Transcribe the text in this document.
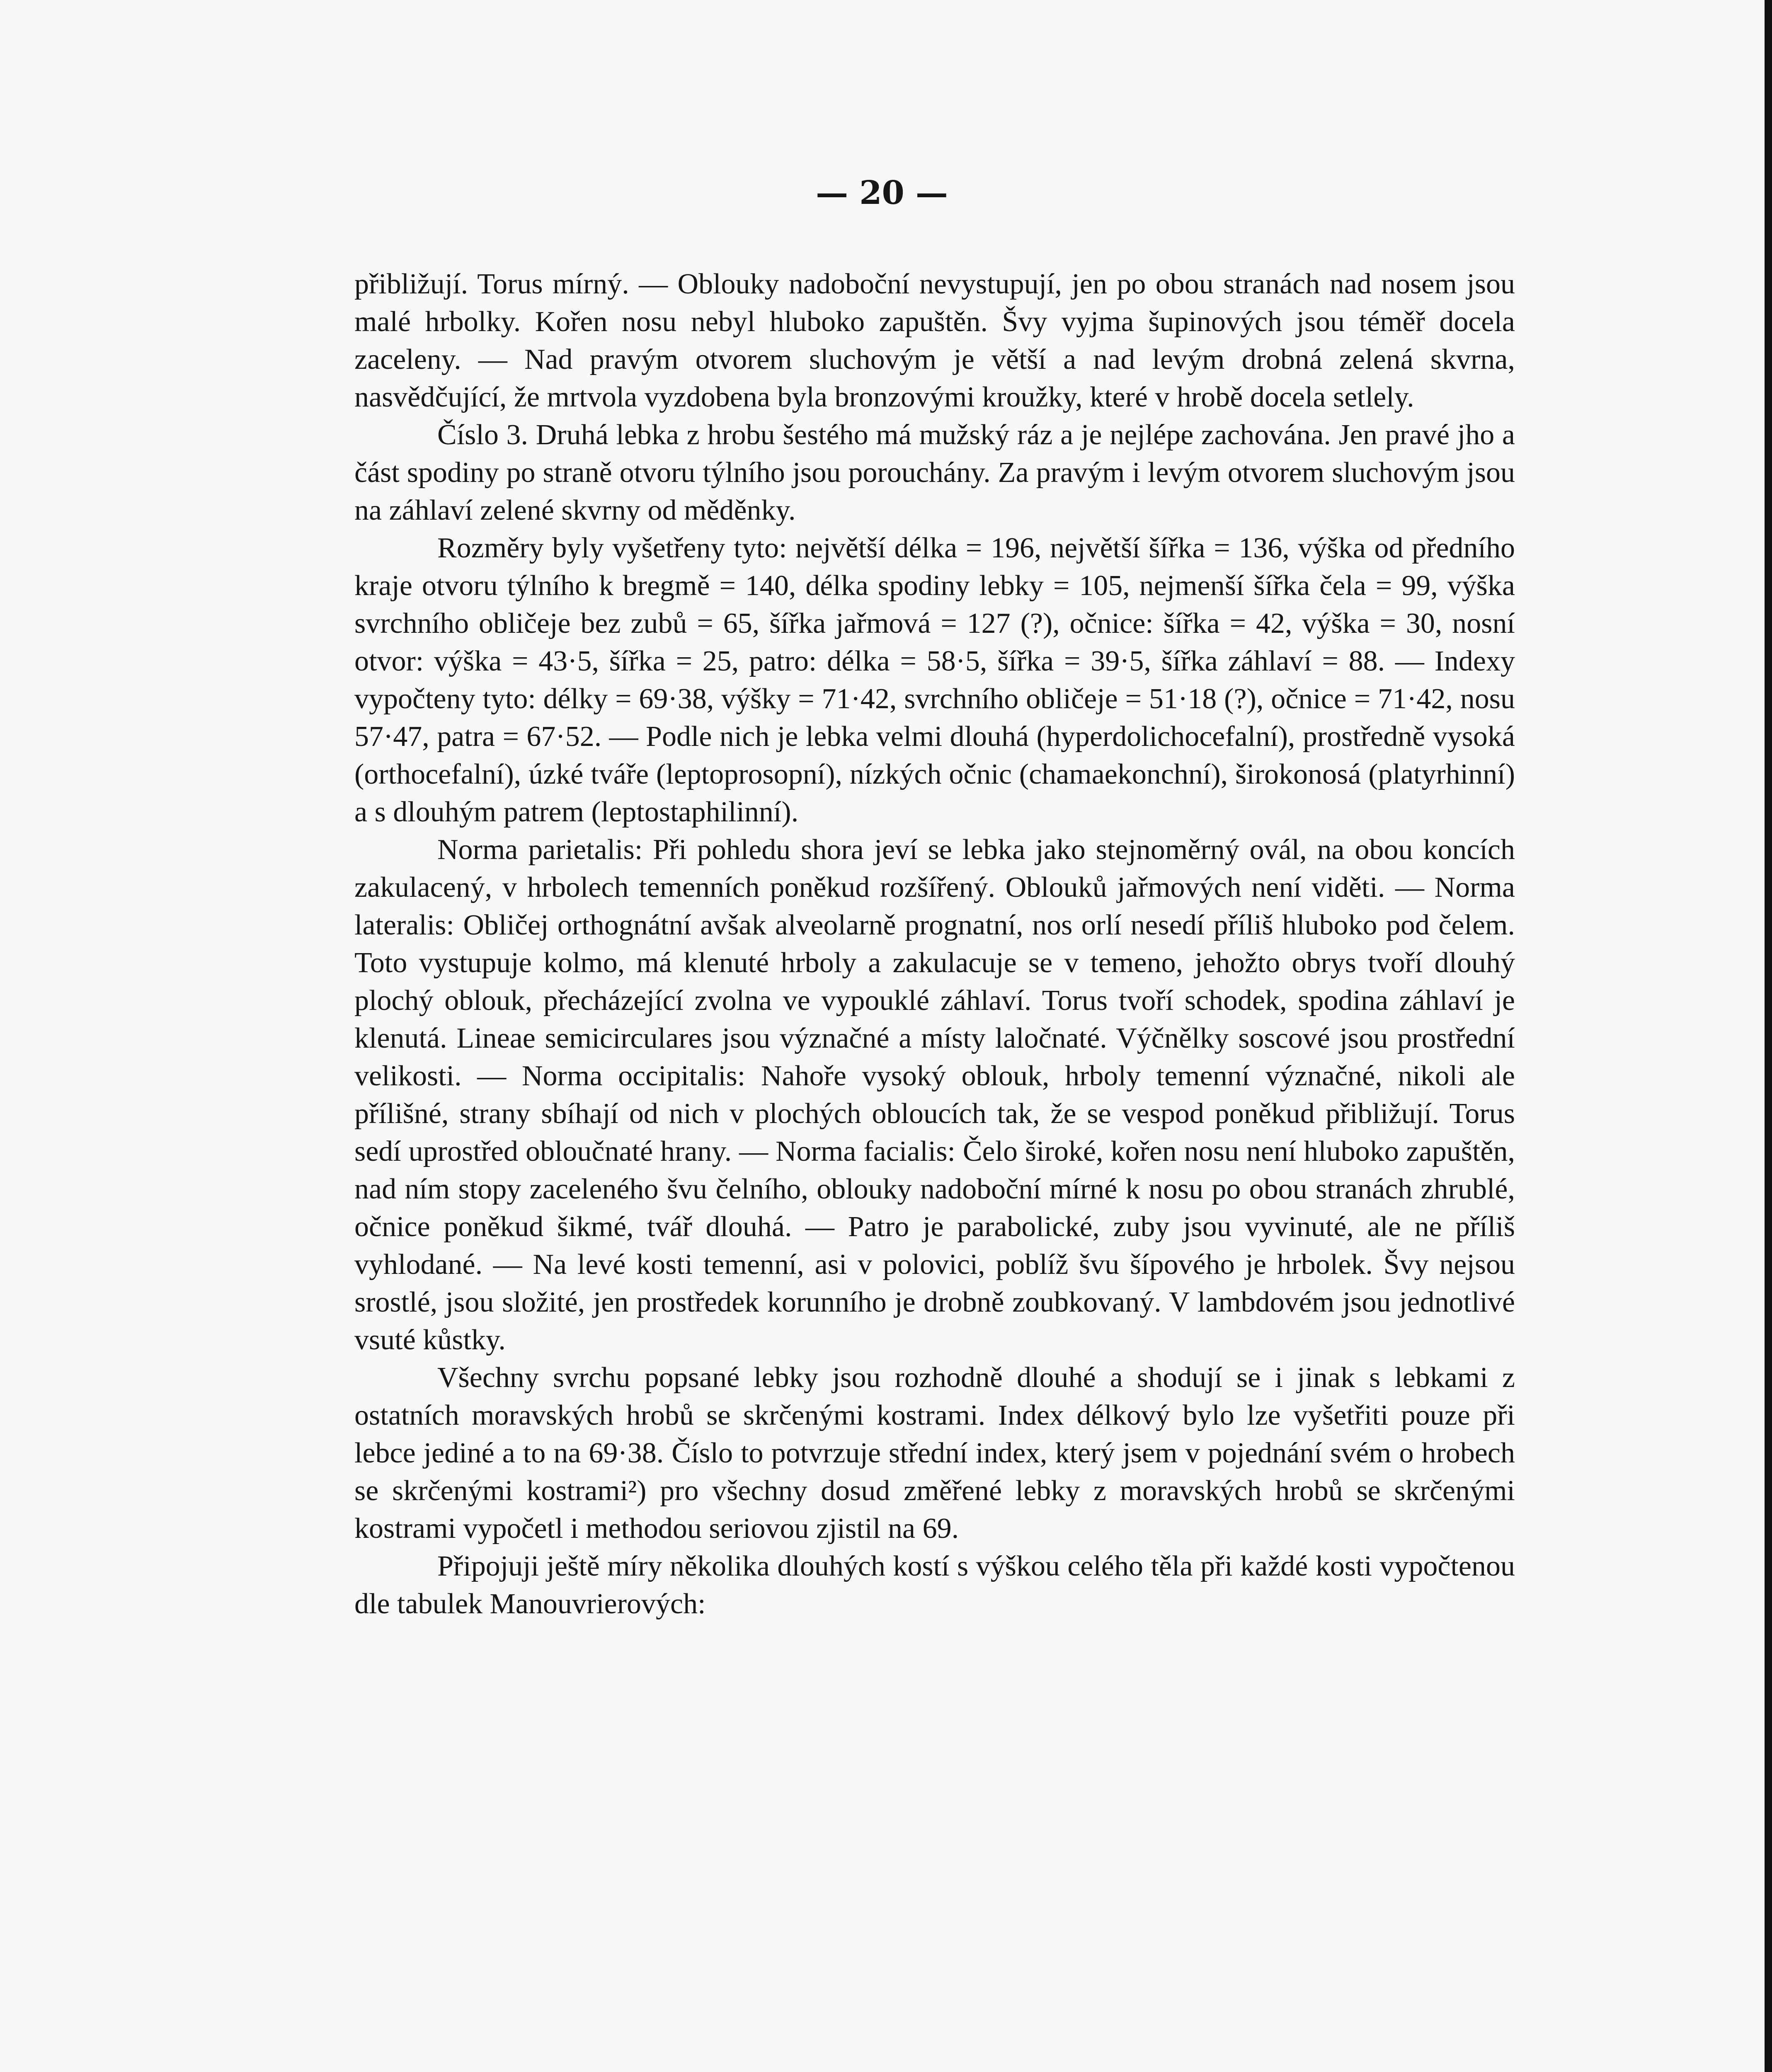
— 20 —

přibližují. Torus mírný. — Oblouky nadoboční nevystupují, jen po obou stranách nad nosem jsou malé hrbolky. Kořen nosu nebyl hluboko zapuštěn. Švy vyjma šupinových jsou téměř docela zaceleny. — Nad pravým otvorem sluchovým je větší a nad levým drobná zelená skvrna, nasvědčující, že mrtvola vyzdobena byla bronzovými kroužky, které v hrobě docela setlely.

Číslo 3. Druhá lebka z hrobu šestého má mužský ráz a je nejlépe zachována. Jen pravé jho a část spodiny po straně otvoru týlního jsou porouchány. Za pravým i levým otvorem sluchovým jsou na záhlaví zelené skvrny od měděnky.

Rozměry byly vyšetřeny tyto: největší délka = 196, největší šířka = 136, výška od předního kraje otvoru týlního k bregmě = 140, délka spodiny lebky = 105, nejmenší šířka čela = 99, výška svrchního obličeje bez zubů = 65, šířka jařmová = 127 (?), očnice: šířka = 42, výška = 30, nosní otvor: výška = 43·5, šířka = 25, patro: délka = 58·5, šířka = 39·5, šířka záhlaví = 88. — Indexy vypočteny tyto: délky = 69·38, výšky = 71·42, svrchního obličeje = 51·18 (?), očnice = 71·42, nosu 57·47, patra = 67·52. — Podle nich je lebka velmi dlouhá (hyperdolichocefalní), prostředně vysoká (orthocefalní), úzké tváře (leptoprosopní), nízkých očnic (chamaekonchní), širokonosá (platyrhinní) a s dlouhým patrem (leptostaphilinní).

Norma parietalis: Při pohledu shora jeví se lebka jako stejnoměrný ovál, na obou koncích zakulacený, v hrbolech temenních poněkud rozšířený. Oblouků jařmových není viděti. — Norma lateralis: Obličej orthognátní avšak alveolarně prognatní, nos orlí nesedí příliš hluboko pod čelem. Toto vystupuje kolmo, má klenuté hrboly a zakulacuje se v temeno, jehožto obrys tvoří dlouhý plochý oblouk, přecházející zvolna ve vypouklé záhlaví. Torus tvoří schodek, spodina záhlaví je klenutá. Lineae semicirculares jsou význačné a místy laločnaté. Výčnělky soscové jsou prostřední velikosti. — Norma occipitalis: Nahoře vysoký oblouk, hrboly temenní význačné, nikoli ale přílišné, strany sbíhají od nich v plochých obloucích tak, že se vespod poněkud přibližují. Torus sedí uprostřed obloučnaté hrany. — Norma facialis: Čelo široké, kořen nosu není hluboko zapuštěn, nad ním stopy zaceleného švu čelního, oblouky nadoboční mírné k nosu po obou stranách zhrublé, očnice poněkud šikmé, tvář dlouhá. — Patro je parabolické, zuby jsou vyvinuté, ale ne příliš vyhlodané. — Na levé kosti temenní, asi v polovici, poblíž švu šípového je hrbolek. Švy nejsou srostlé, jsou složité, jen prostředek korunního je drobně zoubkovaný. V lambdovém jsou jednotlivé vsuté kůstky.

Všechny svrchu popsané lebky jsou rozhodně dlouhé a shodují se i jinak s lebkami z ostatních moravských hrobů se skrčenými kostrami. Index délkový bylo lze vyšetřiti pouze při lebce jediné a to na 69·38. Číslo to potvrzuje střední index, který jsem v pojednání svém o hrobech se skrčenými kostrami²) pro všechny dosud změřené lebky z moravských hrobů se skrčenými kostrami vypočetl i methodou seriovou zjistil na 69.

Připojuji ještě míry několika dlouhých kostí s výškou celého těla při každé kosti vypočtenou dle tabulek Manouvrierových:
